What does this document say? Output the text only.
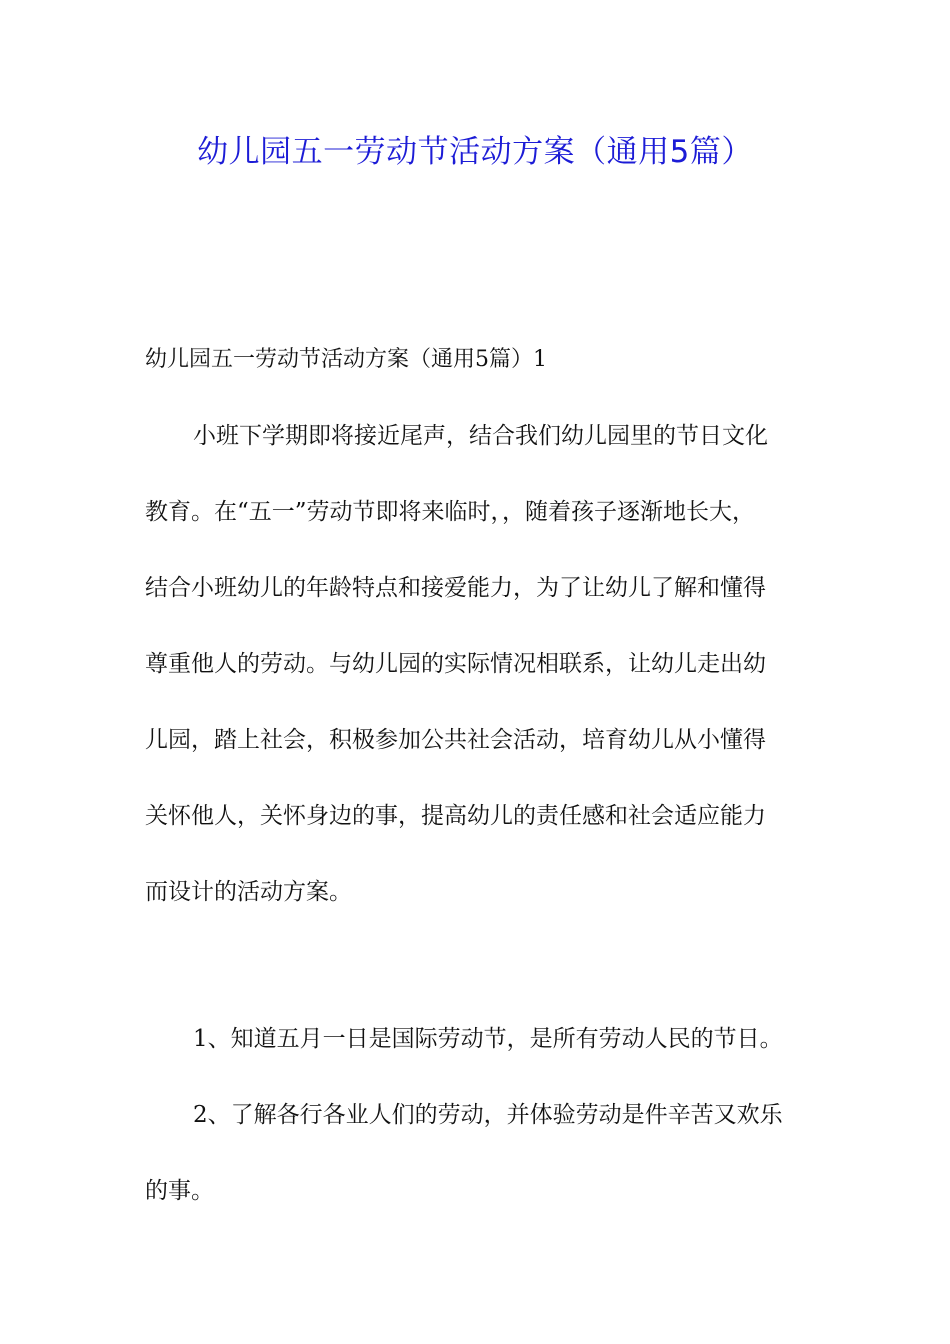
幼儿园五一劳动节活动方案（通用5篇）
幼儿园五一劳动节活动方案（通用5篇）1
小班下学期即将接近尾声，结合我们幼儿园里的节日文化
教育。在“五一”劳动节即将来临时，，随着孩子逐渐地长大，
结合小班幼儿的年龄特点和接爱能力，为了让幼儿了解和懂得
尊重他人的劳动。与幼儿园的实际情况相联系，让幼儿走出幼
儿园，踏上社会，积极参加公共社会活动，培育幼儿从小懂得
关怀他人，关怀身边的事，提高幼儿的责任感和社会适应能力
而设计的活动方案。
1、知道五月一日是国际劳动节，是所有劳动人民的节日。
2、了解各行各业人们的劳动，并体验劳动是件辛苦又欢乐
的事。
